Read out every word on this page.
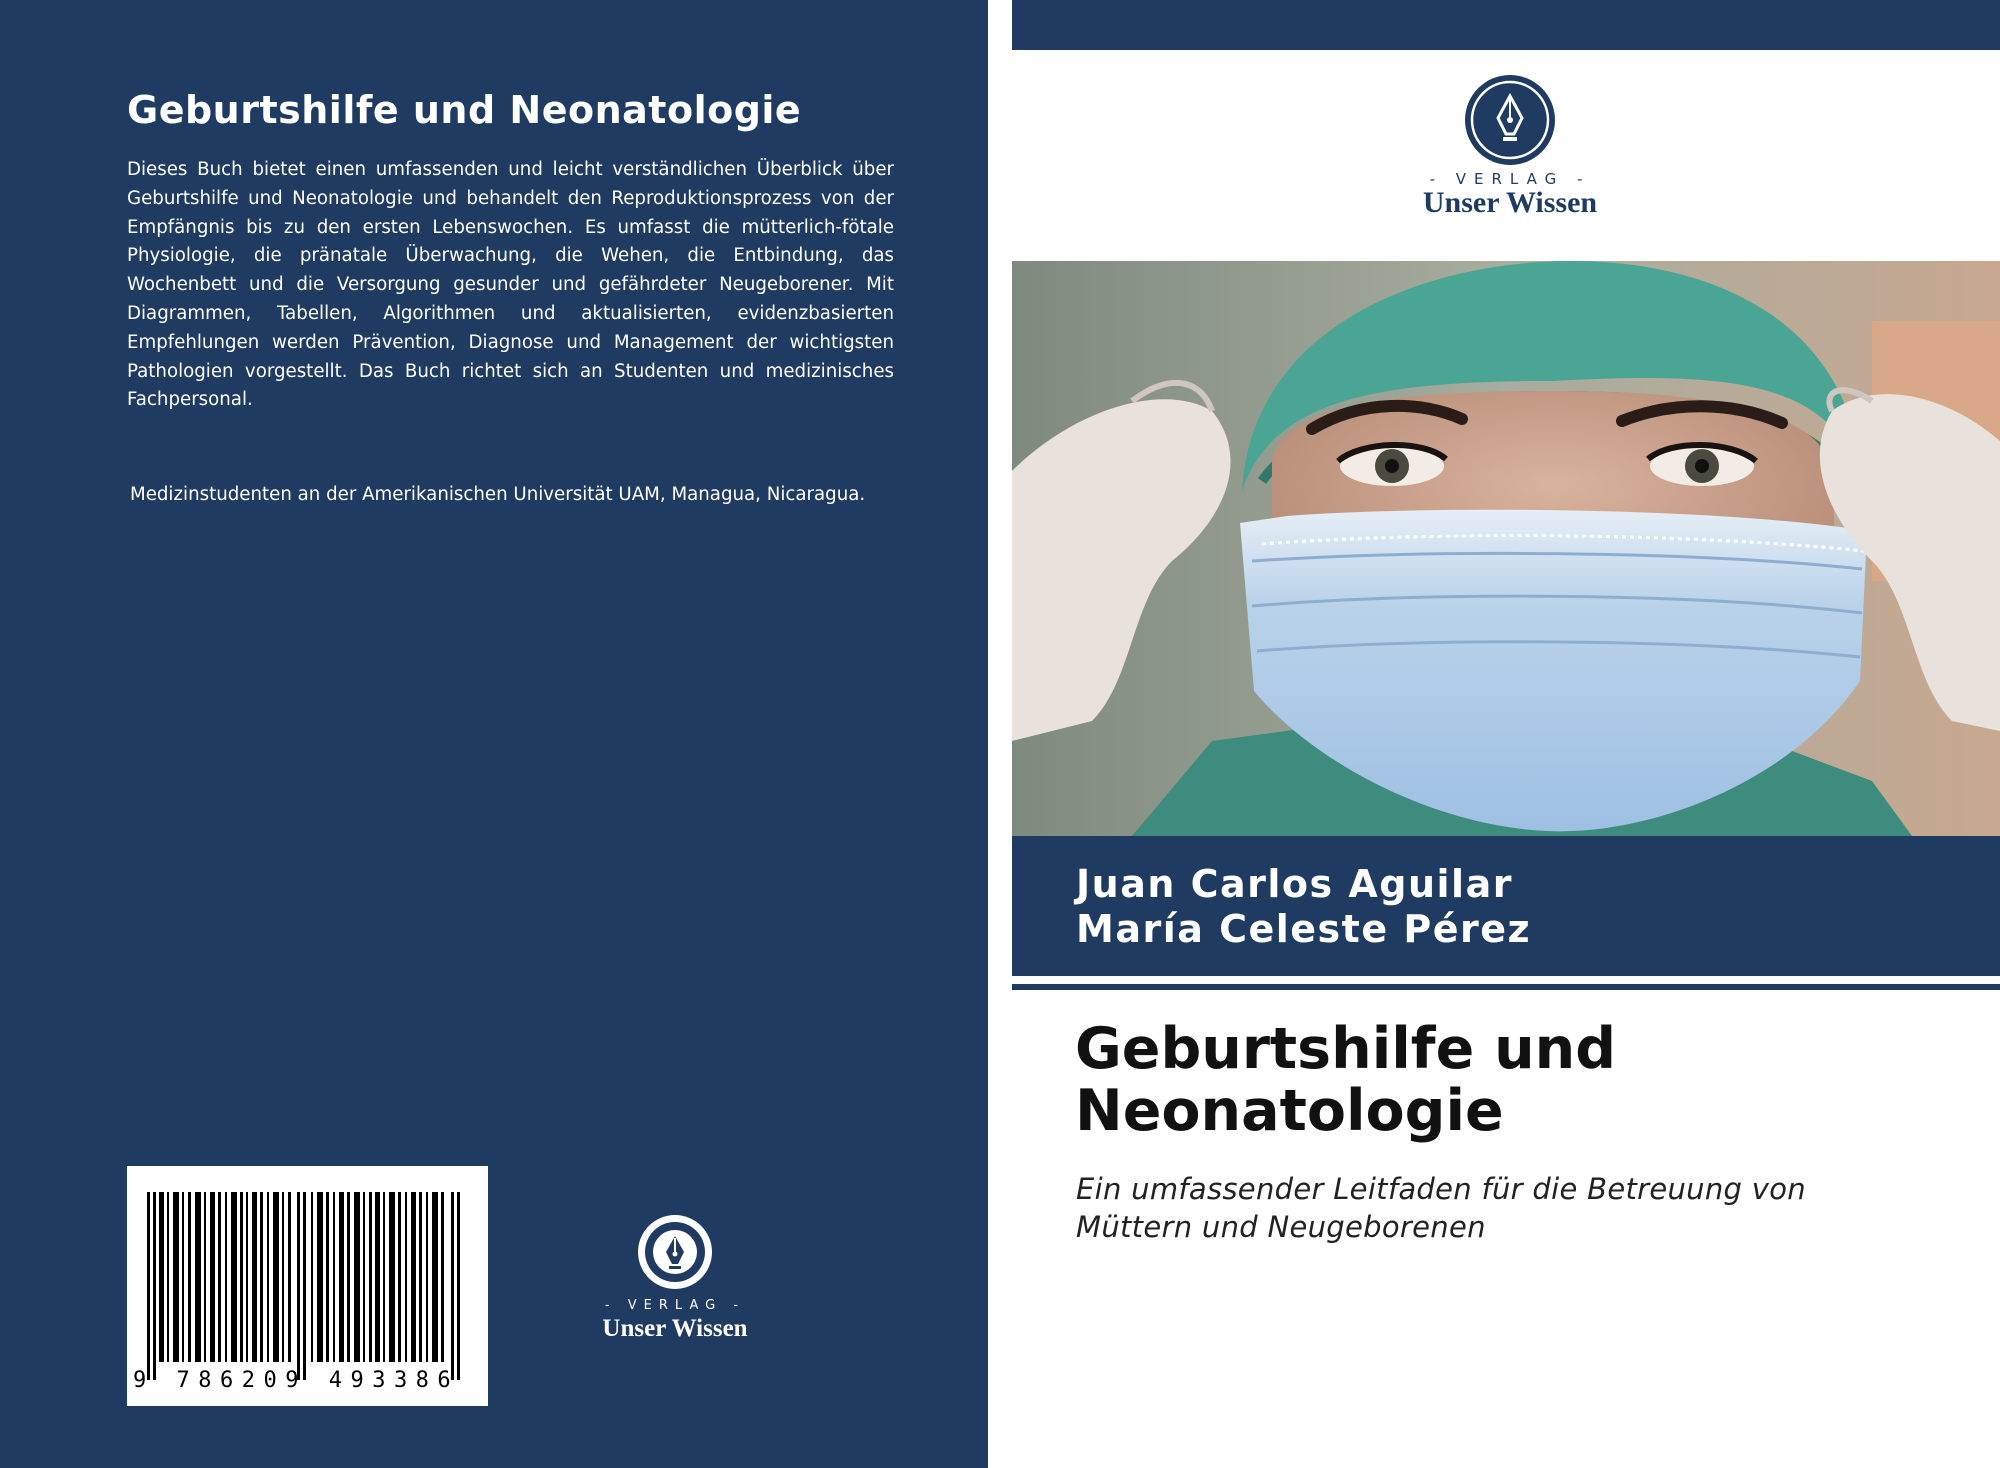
Geburtshilfe und Neonatologie
Dieses Buch bietet einen umfassenden und leicht verständlichen Überblick über Geburtshilfe und Neonatologie und behandelt den Reproduktionsprozess von der Empfängnis bis zu den ersten Lebenswochen. Es umfasst die mütterlich-fötale Physiologie, die pränatale Überwachung, die Wehen, die Entbindung, das Wochenbett und die Versorgung gesunder und gefährdeter Neugeborener. Mit Diagrammen, Tabellen, Algorithmen und aktualisierten, evidenzbasierten Empfehlungen werden Prävention, Diagnose und Management der wichtigsten Pathologien vorgestellt. Das Buch richtet sich an Studenten und medizinisches Fachpersonal.
Medizinstudenten an der Amerikanischen Universität UAM, Managua, Nicaragua.
9 786209 493386
- VERLAG -
Unser Wissen
- VERLAG -
Unser Wissen
Juan Carlos Aguilar
María Celeste Pérez
Geburtshilfe und Neonatologie
Ein umfassender Leitfaden für die Betreuung von Müttern und Neugeborenen
